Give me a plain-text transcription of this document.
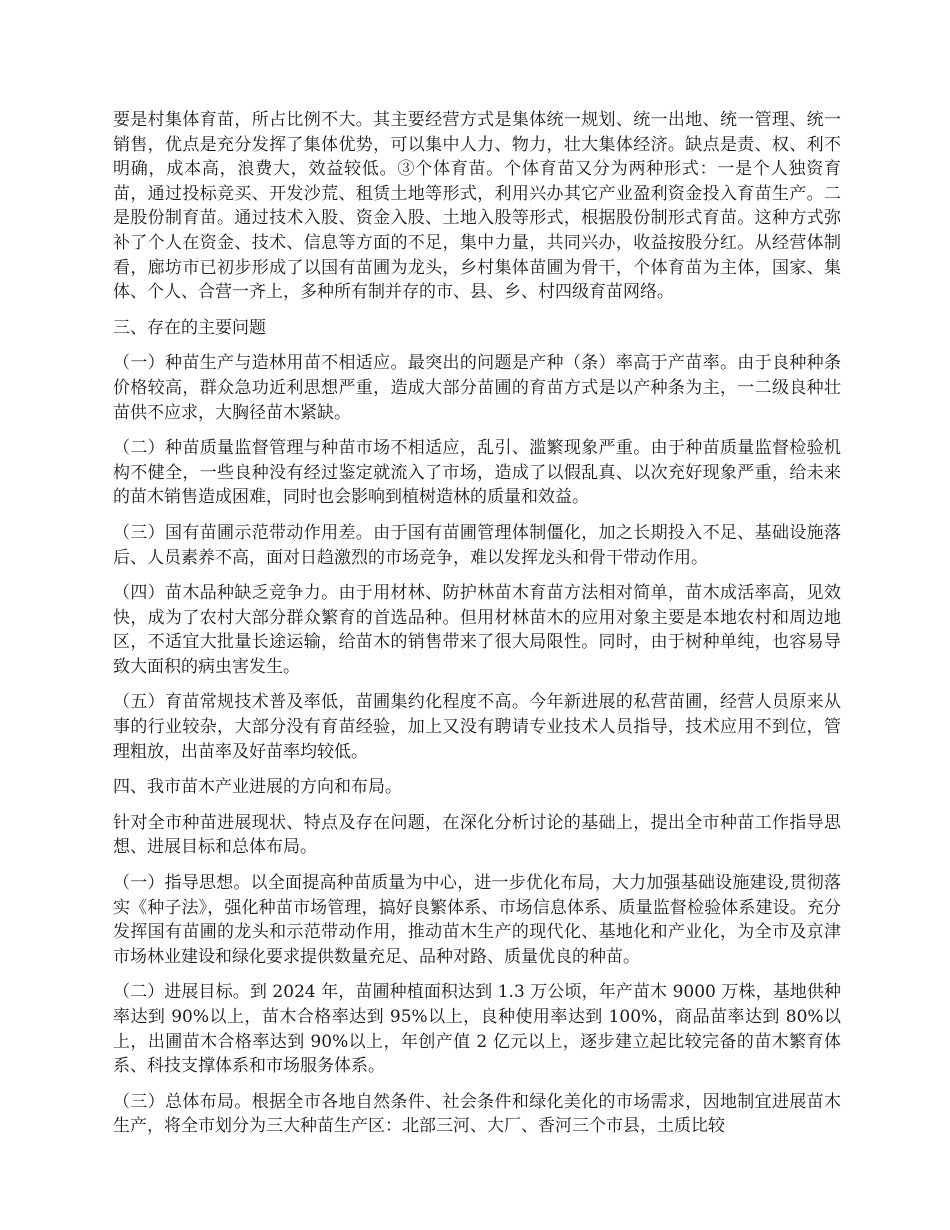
要是村集体育苗，所占比例不大。其主要经营方式是集体统一规划、统一出地、统一管理、统一销售，优点是充分发挥了集体优势，可以集中人力、物力，壮大集体经济。缺点是责、权、利不明确，成本高，浪费大，效益较低。③个体育苗。个体育苗又分为两种形式：一是个人独资育苗，通过投标竞买、开发沙荒、租赁土地等形式，利用兴办其它产业盈利资金投入育苗生产。二是股份制育苗。通过技术入股、资金入股、土地入股等形式，根据股份制形式育苗。这种方式弥补了个人在资金、技术、信息等方面的不足，集中力量，共同兴办，收益按股分红。从经营体制看，廊坊市已初步形成了以国有苗圃为龙头，乡村集体苗圃为骨干，个体育苗为主体，国家、集体、个人、合营一齐上，多种所有制并存的市、县、乡、村四级育苗网络。

三、存在的主要问题

（一）种苗生产与造林用苗不相适应。最突出的问题是产种（条）率高于产苗率。由于良种种条价格较高，群众急功近利思想严重，造成大部分苗圃的育苗方式是以产种条为主，一二级良种壮苗供不应求，大胸径苗木紧缺。

（二）种苗质量监督管理与种苗市场不相适应，乱引、滥繁现象严重。由于种苗质量监督检验机构不健全，一些良种没有经过鉴定就流入了市场，造成了以假乱真、以次充好现象严重，给未来的苗木销售造成困难，同时也会影响到植树造林的质量和效益。

（三）国有苗圃示范带动作用差。由于国有苗圃管理体制僵化，加之长期投入不足、基础设施落后、人员素养不高，面对日趋激烈的市场竞争，难以发挥龙头和骨干带动作用。

（四）苗木品种缺乏竞争力。由于用材林、防护林苗木育苗方法相对简单，苗木成活率高，见效快，成为了农村大部分群众繁育的首选品种。但用材林苗木的应用对象主要是本地农村和周边地区，不适宜大批量长途运输，给苗木的销售带来了很大局限性。同时，由于树种单纯，也容易导致大面积的病虫害发生。

（五）育苗常规技术普及率低，苗圃集约化程度不高。今年新进展的私营苗圃，经营人员原来从事的行业较杂，大部分没有育苗经验，加上又没有聘请专业技术人员指导，技术应用不到位，管理粗放，出苗率及好苗率均较低。

四、我市苗木产业进展的方向和布局。

针对全市种苗进展现状、特点及存在问题，在深化分析讨论的基础上，提出全市种苗工作指导思想、进展目标和总体布局。

（一）指导思想。以全面提高种苗质量为中心，进一步优化布局，大力加强基础设施建设,贯彻落实《种子法》，强化种苗市场管理，搞好良繁体系、市场信息体系、质量监督检验体系建设。充分发挥国有苗圃的龙头和示范带动作用，推动苗木生产的现代化、基地化和产业化，为全市及京津市场林业建设和绿化要求提供数量充足、品种对路、质量优良的种苗。

（二）进展目标。到 2024 年，苗圃种植面积达到 1.3 万公顷，年产苗木 9000 万株，基地供种率达到 90%以上，苗木合格率达到 95%以上，良种使用率达到 100%，商品苗率达到 80%以上，出圃苗木合格率达到 90%以上，年创产值 2 亿元以上，逐步建立起比较完备的苗木繁育体系、科技支撑体系和市场服务体系。

（三）总体布局。根据全市各地自然条件、社会条件和绿化美化的市场需求，因地制宜进展苗木生产，将全市划分为三大种苗生产区：北部三河、大厂、香河三个市县，土质比较
